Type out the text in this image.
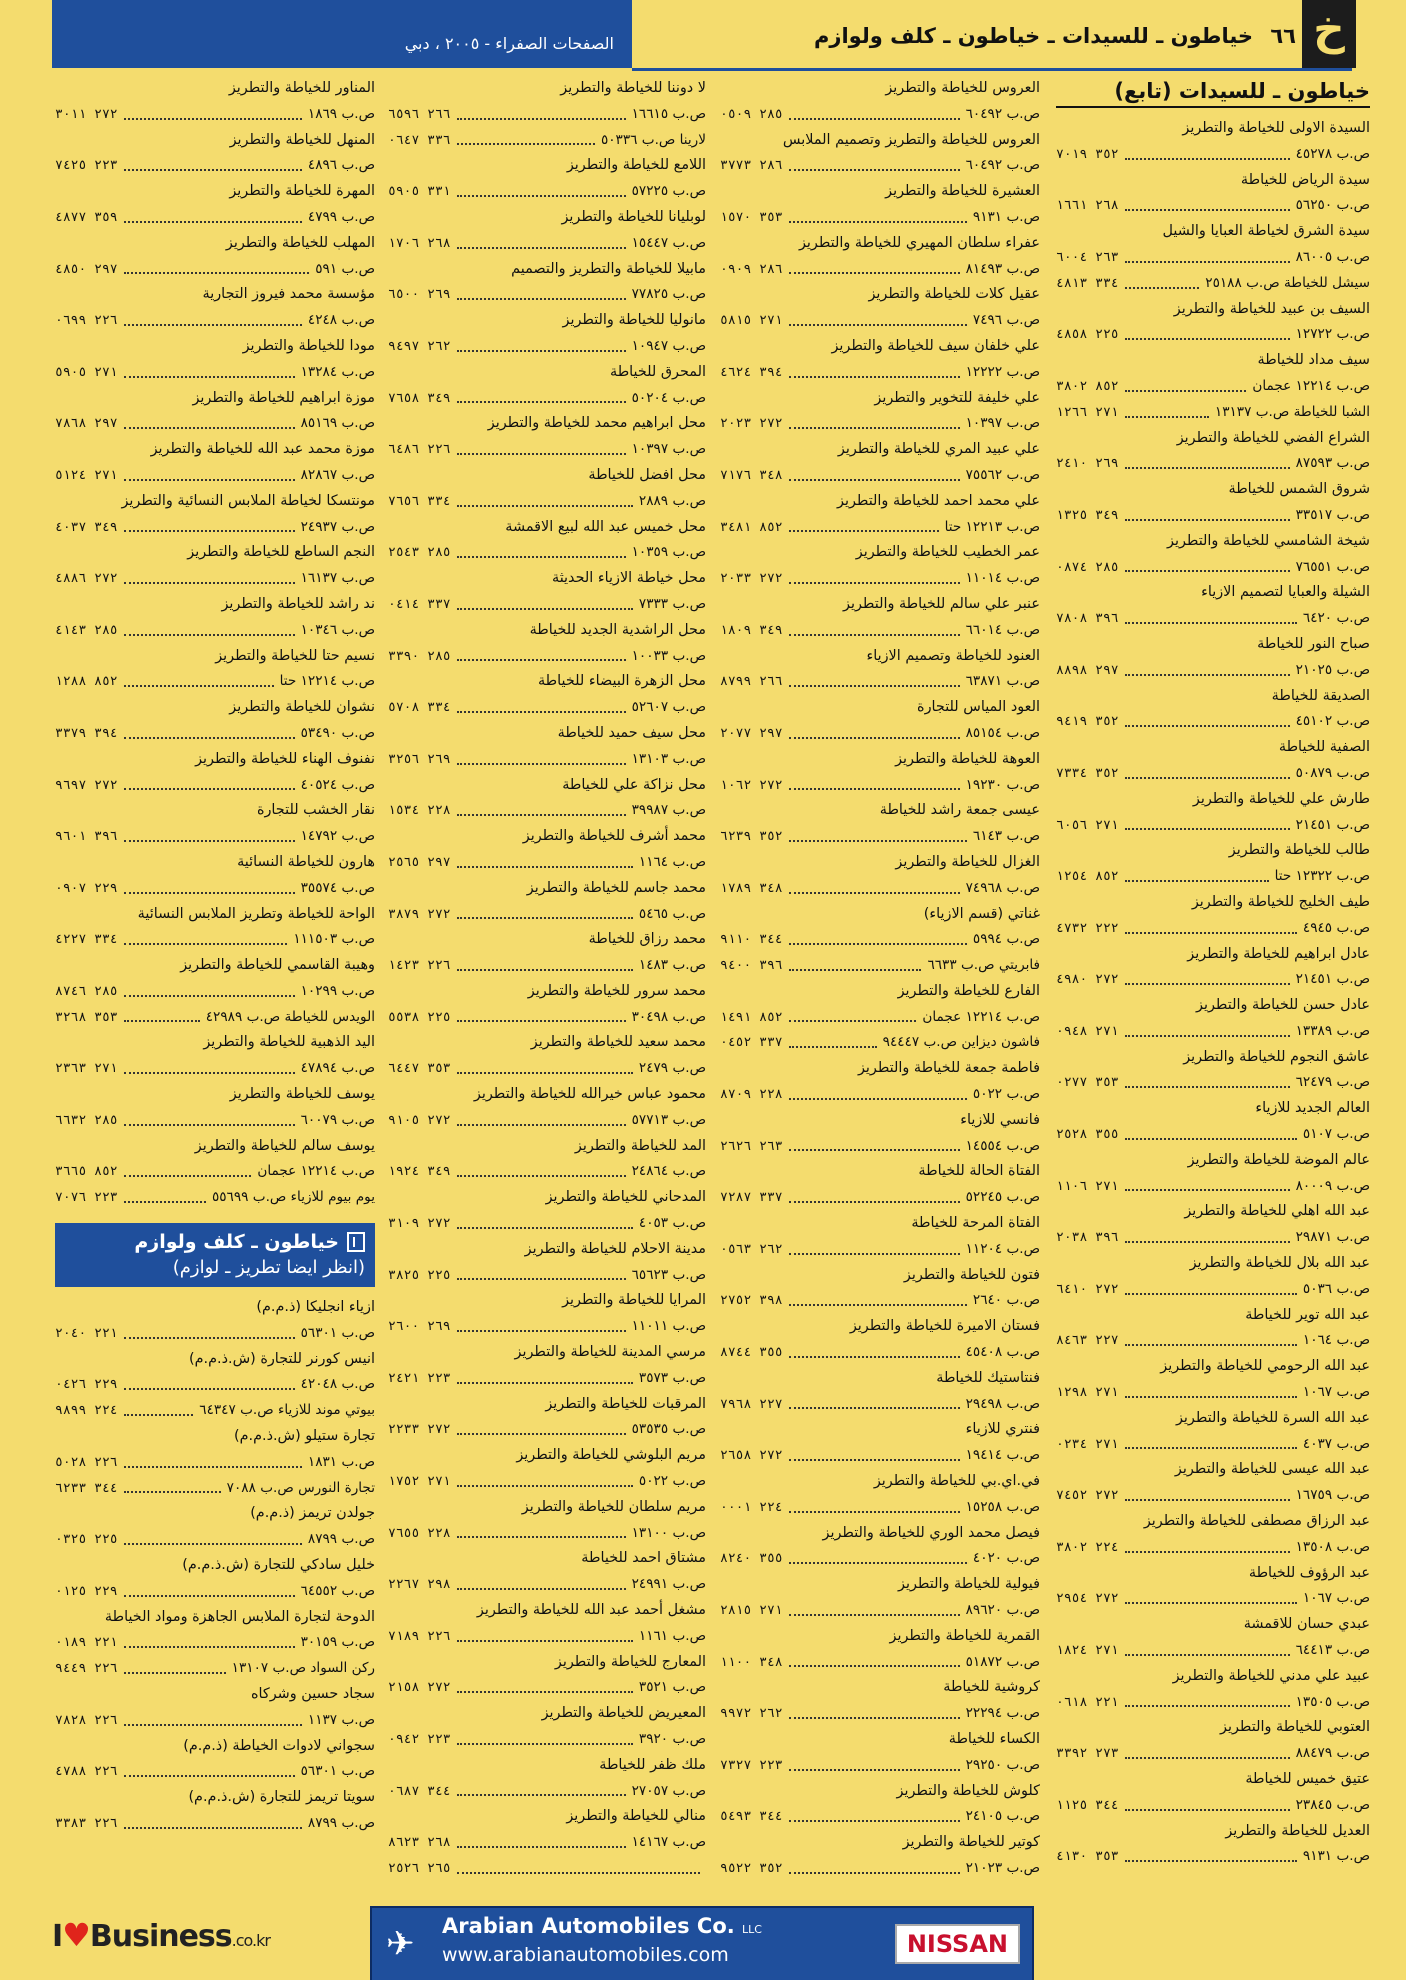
الصفحات الصفراء - ٢٠٠٥ ، دبي	٦٦ خياطون ـ للسيدات ـ خياطون ـ كلف ولوازم	خ
خياطون ـ للسيدات (تابع)
السيدة الاولى للخياطة والتطريز
ص.ب ٤٥٢٧٨
٣٥٢ ٧٠١٩
سيدة الرياض للخياطة
ص.ب ٥٦٢٥٠
٢٦٨ ١٦٦١
سيدة الشرق لخياطة العبايا والشيل
ص.ب ٨٦٠٠٥
٢٦٣ ٦٠٠٤
سيشل للخياطة ص.ب ٢٥١٨٨
٣٣٤ ٤٨١٣
السيف بن عبيد للخياطة والتطريز
ص.ب ١٢٧٢٢
٢٢٥ ٤٨٥٨
سيف مداد للخياطة
ص.ب ١٢٢١٤ عجمان
٨٥٢ ٣٨٠٢
الشبا للخياطة ص.ب ١٣١٣٧
٢٧١ ١٢٦٦
الشراع الفضي للخياطة والتطريز
ص.ب ٨٧٥٩٣
٢٦٩ ٢٤١٠
شروق الشمس للخياطة
ص.ب ٣٣٥١٧
٣٤٩ ١٣٢٥
شيخة الشامسي للخياطة والتطريز
ص.ب ٧٦٥٥١
٢٨٥ ٠٨٧٤
الشيلة والعبايا لتصميم الازياء
ص.ب ٦٤٢٠
٣٩٦ ٧٨٠٨
صباح النور للخياطة
ص.ب ٢١٠٢٥
٢٩٧ ٨٨٩٨
الصديقة للخياطة
ص.ب ٤٥١٠٢
٣٥٢ ٩٤١٩
الصفية للخياطة
ص.ب ٥٠٨٧٩
٣٥٢ ٧٣٣٤
طارش علي للخياطة والتطريز
ص.ب ٢١٤٥١
٢٧١ ٦٠٥٦
طالب للخياطة والتطريز
ص.ب ١٢٣٢٢ حتا
٨٥٢ ١٢٥٤
طيف الخليج للخياطة والتطريز
ص.ب ٤٩٤٥
٢٢٢ ٤٧٣٢
عادل ابراهيم للخياطة والتطريز
ص.ب ٢١٤٥١
٢٧٢ ٤٩٨٠
عادل حسن للخياطة والتطريز
ص.ب ١٣٣٨٩
٢٧١ ٠٩٤٨
عاشق النجوم للخياطة والتطريز
ص.ب ٦٢٤٧٩
٣٥٣ ٠٢٧٧
العالم الجديد للازياء
ص.ب ٥١٠٧
٣٥٥ ٢٥٢٨
عالم الموضة للخياطة والتطريز
ص.ب ٨٠٠٠٩
٢٧١ ١١٠٦
عبد الله اهلي للخياطة والتطريز
ص.ب ٢٩٨٧١
٣٩٦ ٢٠٣٨
عبد الله بلال للخياطة والتطريز
ص.ب ٥٠٣٦
٢٧٢ ٦٤١٠
عبد الله توير للخياطة
ص.ب ١٠٦٤
٢٢٧ ٨٤٦٣
عبد الله الرحومي للخياطة والتطريز
ص.ب ١٠٦٧
٢٧١ ١٢٩٨
عبد الله السرة للخياطة والتطريز
ص.ب ٤٠٣٧
٢٧١ ٠٢٣٤
عبد الله عيسى للخياطة والتطريز
ص.ب ١٦٧٥٩
٢٧٢ ٧٤٥٢
عبد الرزاق مصطفى للخياطة والتطريز
ص.ب ١٣٥٠٨
٢٢٤ ٣٨٠٢
عبد الرؤوف للخياطة
ص.ب ١٠٦٧
٢٧٢ ٢٩٥٤
عبدي حسان للاقمشة
ص.ب ٦٤٤١٣
٢٧١ ١٨٢٤
عبيد علي مدني للخياطة والتطريز
ص.ب ١٣٥٠٥
٢٢١ ٠٦١٨
العتوبي للخياطة والتطريز
ص.ب ٨٨٤٧٩
٢٧٣ ٣٣٩٢
عتيق خميس للخياطة
ص.ب ٢٣٨٤٥
٣٤٤ ١١٢٥
العديل للخياطة والتطريز
ص.ب ٩١٣١
٣٥٣ ٤١٣٠
العروس للخياطة والتطريز
ص.ب ٦٠٤٩٢
٢٨٥ ٠٥٠٩
العروس للخياطة والتطريز وتصميم الملابس
ص.ب ٦٠٤٩٢
٢٨٦ ٣٧٧٣
العشيرة للخياطة والتطريز
ص.ب ٩١٣١
٣٥٣ ١٥٧٠
عفراء سلطان المهيري للخياطة والتطريز
ص.ب ٨١٤٩٣
٢٨٦ ٠٩٠٩
عقيل كلات للخياطة والتطريز
ص.ب ٧٤٩٦
٢٧١ ٥٨١٥
علي خلفان سيف للخياطة والتطريز
ص.ب ١٢٢٢٢
٣٩٤ ٤٦٢٤
علي خليفة للتخوير والتطريز
ص.ب ١٠٣٩٧
٢٧٢ ٢٠٢٣
علي عبيد المري للخياطة والتطريز
ص.ب ٧٥٥٦٢
٣٤٨ ٧١٧٦
علي محمد احمد للخياطة والتطريز
ص.ب ١٢٢١٣ حتا
٨٥٢ ٣٤٨١
عمر الخطيب للخياطة والتطريز
ص.ب ١١٠١٤
٢٧٢ ٢٠٣٣
عنبر علي سالم للخياطة والتطريز
ص.ب ٦٦٠١٤
٣٤٩ ١٨٠٩
العنود للخياطة وتصميم الازياء
ص.ب ٦٣٨٧١
٢٦٦ ٨٧٩٩
العود المياس للتجارة
ص.ب ٨٥١٥٤
٢٩٧ ٢٠٧٧
العوهة للخياطة والتطريز
ص.ب ١٩٢٣٠
٢٧٢ ١٠٦٢
عيسى جمعة راشد للخياطة
ص.ب ٦١٤٣
٣٥٢ ٦٢٣٩
الغزال للخياطة والتطريز
ص.ب ٧٤٩٦٨
٣٤٨ ١٧٨٩
غناتي (قسم الازياء)
ص.ب ٥٩٩٤
٣٤٤ ٩١١٠
فابريتي ص.ب ٦٦٣٣
٣٩٦ ٩٤٠٠
الفارع للخياطة والتطريز
ص.ب ١٢٢١٤ عجمان
٨٥٢ ١٤٩١
فاشون ديزاين ص.ب ٩٤٤٤٧
٣٣٧ ٠٤٥٢
فاطمة جمعة للخياطة والتطريز
ص.ب ٥٠٢٢
٢٢٨ ٨٧٠٩
فانسي للازياء
ص.ب ١٤٥٥٤
٢٦٣ ٢٦٢٦
الفتاة الحالة للخياطة
ص.ب ٥٢٢٤٥
٣٣٧ ٧٢٨٧
الفتاة المرحة للخياطة
ص.ب ١١٢٠٤
٢٦٢ ٠٥٦٣
فتون للخياطة والتطريز
ص.ب ٢٦٤٠
٣٩٨ ٢٧٥٢
فستان الاميرة للخياطة والتطريز
ص.ب ٤٥٤٠٨
٣٥٥ ٨٧٤٤
فنتاستيك للخياطة
ص.ب ٢٩٤٩٨
٢٢٧ ٧٩٦٨
فنتري للازياء
ص.ب ١٩٤١٤
٢٧٢ ٢٦٥٨
في.اي.بي للخياطة والتطريز
ص.ب ١٥٢٥٨
٢٢٤ ٠٠٠١
فيصل محمد الوري للخياطة والتطريز
ص.ب ٤٠٢٠
٣٥٥ ٨٢٤٠
فيولية للخياطة والتطريز
ص.ب ٨٩٦٢٠
٢٧١ ٢٨١٥
القمرية للخياطة والتطريز
ص.ب ٥١٨٧٢
٣٤٨ ١١٠٠
كروشية للخياطة
ص.ب ٢٢٢٩٤
٢٦٢ ٩٩٧٢
الكساء للخياطة
ص.ب ٢٩٢٥٠
٢٢٣ ٧٣٢٧
كلوش للخياطة والتطريز
ص.ب ٢٤١٠٥
٣٤٤ ٥٤٩٣
كوتير للخياطة والتطريز
ص.ب ٢١٠٢٣
٣٥٢ ٩٥٢٢
لا دوننا للخياطة والتطريز
ص.ب ١٦٦١٥
٢٦٦ ٦٥٩٦
لارينا ص.ب ٥٠٣٣٦
٣٣٦ ٠٦٤٧
اللامع للخياطة والتطريز
ص.ب ٥٧٢٢٥
٣٣١ ٥٩٠٥
لوبليانا للخياطة والتطريز
ص.ب ١٥٤٤٧
٢٦٨ ١٧٠٦
مابيلا للخياطة والتطريز والتصميم
ص.ب ٧٧٨٢٥
٢٦٩ ٦٥٠٠
مانوليا للخياطة والتطريز
ص.ب ١٠٩٤٧
٢٦٢ ٩٤٩٧
المحرق للخياطة
ص.ب ٥٠٢٠٤
٣٤٩ ٧٦٥٨
محل ابراهيم محمد للخياطة والتطريز
ص.ب ١٠٣٩٧
٢٢٦ ٦٤٨٦
محل افضل للخياطة
ص.ب ٢٨٨٩
٣٣٤ ٧٦٥٦
محل خميس عبد الله لبيع الاقمشة
ص.ب ١٠٣٥٩
٢٨٥ ٢٥٤٣
محل خياطة الازياء الحديثة
ص.ب ٧٣٣٣
٣٣٧ ٠٤١٤
محل الراشدية الجديد للخياطة
ص.ب ١٠٠٣٣
٢٨٥ ٣٣٩٠
محل الزهرة البيضاء للخياطة
ص.ب ٥٢٦٠٧
٣٣٤ ٥٧٠٨
محل سيف حميد للخياطة
ص.ب ١٣١٠٣
٢٦٩ ٣٢٥٦
محل نزاكة علي للخياطة
ص.ب ٣٩٩٨٧
٢٢٨ ١٥٣٤
محمد أشرف للخياطة والتطريز
ص.ب ١١٦٤
٢٩٧ ٢٥٦٥
محمد جاسم للخياطة والتطريز
ص.ب ٥٤٦٥
٢٧٢ ٣٨٧٩
محمد رزاق للخياطة
ص.ب ١٤٨٣
٢٢٦ ١٤٢٣
محمد سرور للخياطة والتطريز
ص.ب ٣٠٤٩٨
٢٢٥ ٥٥٣٨
محمد سعيد للخياطة والتطريز
ص.ب ٢٤٧٩
٣٥٣ ٦٤٤٧
محمود عباس خيرالله للخياطة والتطريز
ص.ب ٥٧٧١٣
٢٧٢ ٩١٠٥
المد للخياطة والتطريز
ص.ب ٢٤٨٦٤
٣٤٩ ١٩٢٤
المدحاني للخياطة والتطريز
ص.ب ٤٠٥٣
٢٧٢ ٣١٠٩
مدينة الاحلام للخياطة والتطريز
ص.ب ٦٥٦٢٣
٢٢٥ ٣٨٢٥
المرايا للخياطة والتطريز
ص.ب ١١٠١١
٢٦٩ ٢٦٠٠
مرسي المدينة للخياطة والتطريز
ص.ب ٣٥٧٣
٢٢٣ ٢٤٢١
المرقبات للخياطة والتطريز
ص.ب ٥٣٥٣٥
٢٧٢ ٢٢٣٣
مريم البلوشي للخياطة والتطريز
ص.ب ٥٠٢٢
٢٧١ ١٧٥٢
مريم سلطان للخياطة والتطريز
ص.ب ١٣١٠٠
٢٢٨ ٧٦٥٥
مشتاق احمد للخياطة
ص.ب ٢٤٩٩١
٢٩٨ ٢٢٦٧
مشغل أحمد عبد الله للخياطة والتطريز
ص.ب ١١٦١
٢٢٦ ٧١٨٩
المعارج للخياطة والتطريز
ص.ب ٣٥٢١
٢٧٢ ٢١٥٨
المعيريض للخياطة والتطريز
ص.ب ٣٩٢٠
٢٢٣ ٠٩٤٢
ملك ظفر للخياطة
ص.ب ٢٧٠٥٧
٣٤٤ ٠٦٨٧
منالي للخياطة والتطريز
ص.ب ١٤١٦٧
٢٦٨ ٨٦٢٣
٢٦٥ ٢٥٢٦
المناور للخياطة والتطريز
ص.ب ١٨٦٩
٢٧٢ ٣٠١١
المنهل للخياطة والتطريز
ص.ب ٤٨٩٦
٢٢٣ ٧٤٢٥
المهرة للخياطة والتطريز
ص.ب ٤٧٩٩
٣٥٩ ٤٨٧٧
المهلب للخياطة والتطريز
ص.ب ٥٩١
٢٩٧ ٤٨٥٠
مؤسسة محمد فيروز التجارية
ص.ب ٤٢٤٨
٢٢٦ ٠٦٩٩
مودا للخياطة والتطريز
ص.ب ١٣٢٨٤
٢٧١ ٥٩٠٥
موزة ابراهيم للخياطة والتطريز
ص.ب ٨٥١٦٩
٢٩٧ ٧٨٦٨
موزة محمد عبد الله للخياطة والتطريز
ص.ب ٨٢٨٦٧
٢٧١ ٥١٢٤
مونتسكا لخياطة الملابس النسائية والتطريز
ص.ب ٢٤٩٣٧
٣٤٩ ٤٠٣٧
النجم الساطع للخياطة والتطريز
ص.ب ١٦١٣٧
٢٧٢ ٤٨٨٦
ند راشد للخياطة والتطريز
ص.ب ١٠٣٤٦
٢٨٥ ٤١٤٣
نسيم حتا للخياطة والتطريز
ص.ب ١٢٢١٤ حتا
٨٥٢ ١٢٨٨
نشوان للخياطة والتطريز
ص.ب ٥٣٤٩٠
٣٩٤ ٣٣٧٩
نفنوف الهناء للخياطة والتطريز
ص.ب ٤٠٥٢٤
٢٧٢ ٩٦٩٧
نقار الخشب للتجارة
ص.ب ١٤٧٩٢
٣٩٦ ٩٦٠١
هارون للخياطة النسائية
ص.ب ٣٥٥٧٤
٢٢٩ ٠٩٠٧
الواحة للخياطة وتطريز الملابس النسائية
ص.ب ١١١٥٠٣
٣٣٤ ٤٢٢٧
وهيبة القاسمي للخياطة والتطريز
ص.ب ١٠٢٩٩
٢٨٥ ٨٧٤٦
الويدس للخياطة ص.ب ٤٢٩٨٩
٣٥٣ ٣٢٦٨
اليد الذهبية للخياطة والتطريز
ص.ب ٤٧٨٩٤
٢٧١ ٢٣٦٣
يوسف للخياطة والتطريز
ص.ب ٦٠٠٧٩
٢٨٥ ٦٦٣٢
يوسف سالم للخياطة والتطريز
ص.ب ١٢٢١٤ عجمان
٨٥٢ ٣٦٦٥
يوم بيوم للازياء ص.ب ٥٥٦٩٩
٢٢٣ ٧٠٧٦
خياطون ـ كلف ولوازم
(انظر ايضا تطريز ـ لوازم)
ازياء انجليكا (ذ.م.م)
ص.ب ٥٦٣٠١
٢٢١ ٢٠٤٠
انيس كورنر للتجارة (ش.ذ.م.م)
ص.ب ٤٢٠٤٨
٢٢٩ ٠٤٢٦
بيوتي موند للازياء ص.ب ٦٤٣٤٧
٢٢٤ ٩٨٩٩
تجارة ستيلو (ش.ذ.م.م)
ص.ب ١٨٣١
٢٢٦ ٥٠٢٨
تجارة النورس ص.ب ٧٠٨٨
٣٤٤ ٦٢٣٣
جولدن تريمز (ذ.م.م)
ص.ب ٨٧٩٩
٢٢٥ ٠٣٢٥
خليل سادكي للتجارة (ش.ذ.م.م)
ص.ب ٦٤٥٥٢
٢٢٩ ٠١٢٥
الدوحة لتجارة الملابس الجاهزة ومواد الخياطة
ص.ب ٣٠١٥٩
٢٢١ ٠١٨٩
ركن السواد ص.ب ١٣١٠٧
٢٢٦ ٩٤٤٩
سجاد حسين وشركاه
ص.ب ١١٣٧
٢٢٦ ٧٨٢٨
سجواني لادوات الخياطة (ذ.م.م)
ص.ب ٥٦٣٠١
٢٢٦ ٤٧٨٨
سويتا تريمز للتجارة (ش.ذ.م.م)
ص.ب ٨٧٩٩
٢٢٦ ٣٣٨٣
I♥Business.co.kr	✈ Arabian Automobiles Co. LLC
www.arabianautomobiles.com	NISSAN
